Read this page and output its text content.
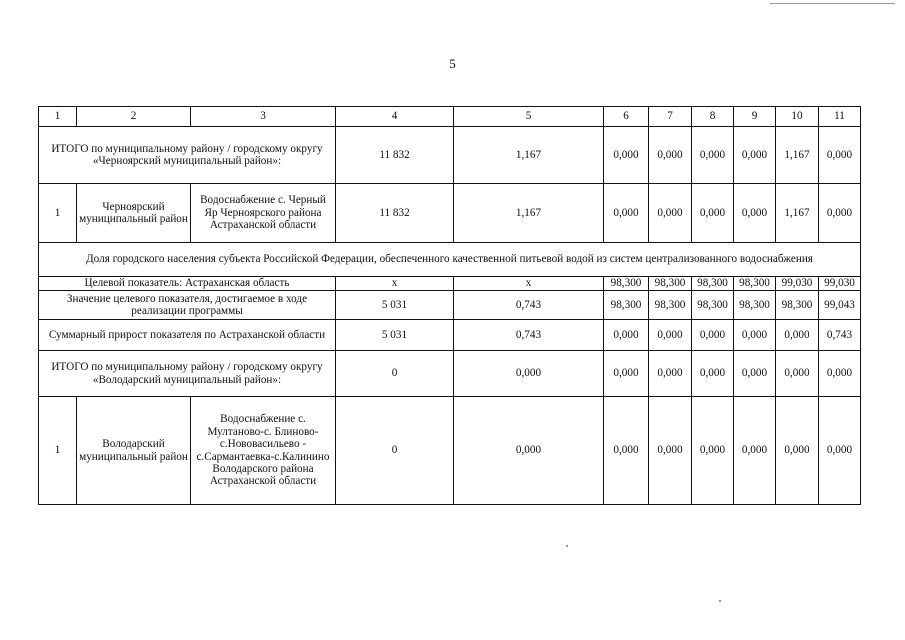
5
1	2	3	4	5	6	7	8	9	10	11
ИТОГО по муниципальному району / городскому округу «Черноярский муниципальный район»:			11 832	1,167	0,000	0,000	0,000	0,000	1,167	0,000
1	Черноярский муниципальный район	Водоснабжение с. Черный Яр Черноярского района Астраханской области	11 832	1,167	0,000	0,000	0,000	0,000	1,167	0,000
Доля городского населения субъекта Российской Федерации, обеспеченного качественной питьевой водой из систем централизованного водоснабжения										
Целевой показатель: Астраханская область			х	х	98,300	98,300	98,300	98,300	99,030	99,030
Значение целевого показателя, достигаемое в ходе реализации программы			5 031	0,743	98,300	98,300	98,300	98,300	98,300	99,043
Суммарный прирост показателя по Астраханской области			5 031	0,743	0,000	0,000	0,000	0,000	0,000	0,743
ИТОГО по муниципальному району / городскому округу «Володарский муниципальный район»:			0	0,000	0,000	0,000	0,000	0,000	0,000	0,000
1	Володарский муниципальный район	Водоснабжение с. Мултаново-с. Блиново-с.Нововасильево - с.Сармантаевка-с.Калинино Володарского района Астраханской области	0	0,000	0,000	0,000	0,000	0,000	0,000	0,000
